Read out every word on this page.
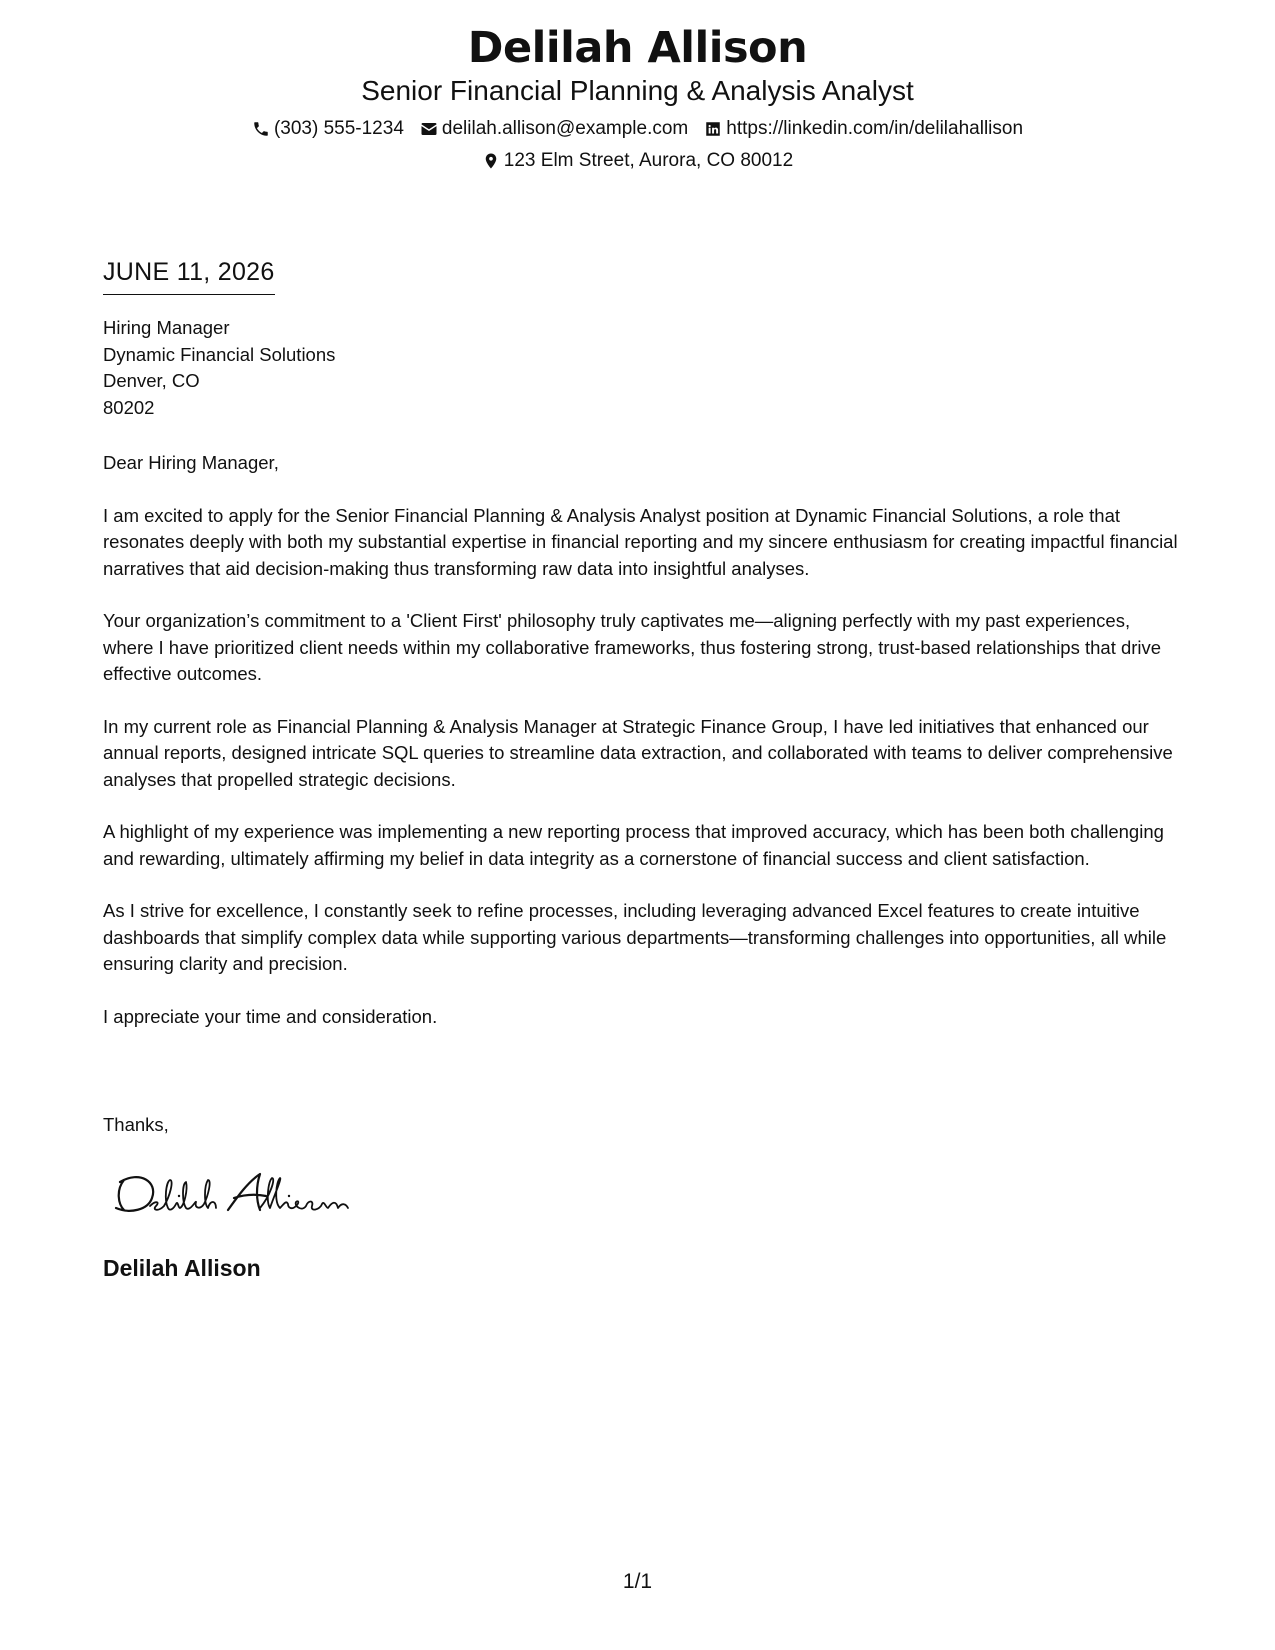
Delilah Allison
Senior Financial Planning & Analysis Analyst
(303) 555-1234 delilah.allison@example.com https://linkedin.com/in/delilahallison
123 Elm Street, Aurora, CO 80012
JUNE 11, 2026
Hiring Manager
Dynamic Financial Solutions
Denver, CO
80202

Dear Hiring Manager,

I am excited to apply for the Senior Financial Planning & Analysis Analyst position at Dynamic Financial Solutions, a role that resonates deeply with both my substantial expertise in financial reporting and my sincere enthusiasm for creating impactful financial narratives that aid decision-making thus transforming raw data into insightful analyses.

Your organization’s commitment to a 'Client First' philosophy truly captivates me—aligning perfectly with my past experiences, where I have prioritized client needs within my collaborative frameworks, thus fostering strong, trust-based relationships that drive effective outcomes.

In my current role as Financial Planning & Analysis Manager at Strategic Finance Group, I have led initiatives that enhanced our annual reports, designed intricate SQL queries to streamline data extraction, and collaborated with teams to deliver comprehensive analyses that propelled strategic decisions.

A highlight of my experience was implementing a new reporting process that improved accuracy, which has been both challenging and rewarding, ultimately affirming my belief in data integrity as a cornerstone of financial success and client satisfaction.

As I strive for excellence, I constantly seek to refine processes, including leveraging advanced Excel features to create intuitive dashboards that simplify complex data while supporting various departments—transforming challenges into opportunities, all while ensuring clarity and precision.

I appreciate your time and consideration.

Thanks,
Delilah Allison
1/1
